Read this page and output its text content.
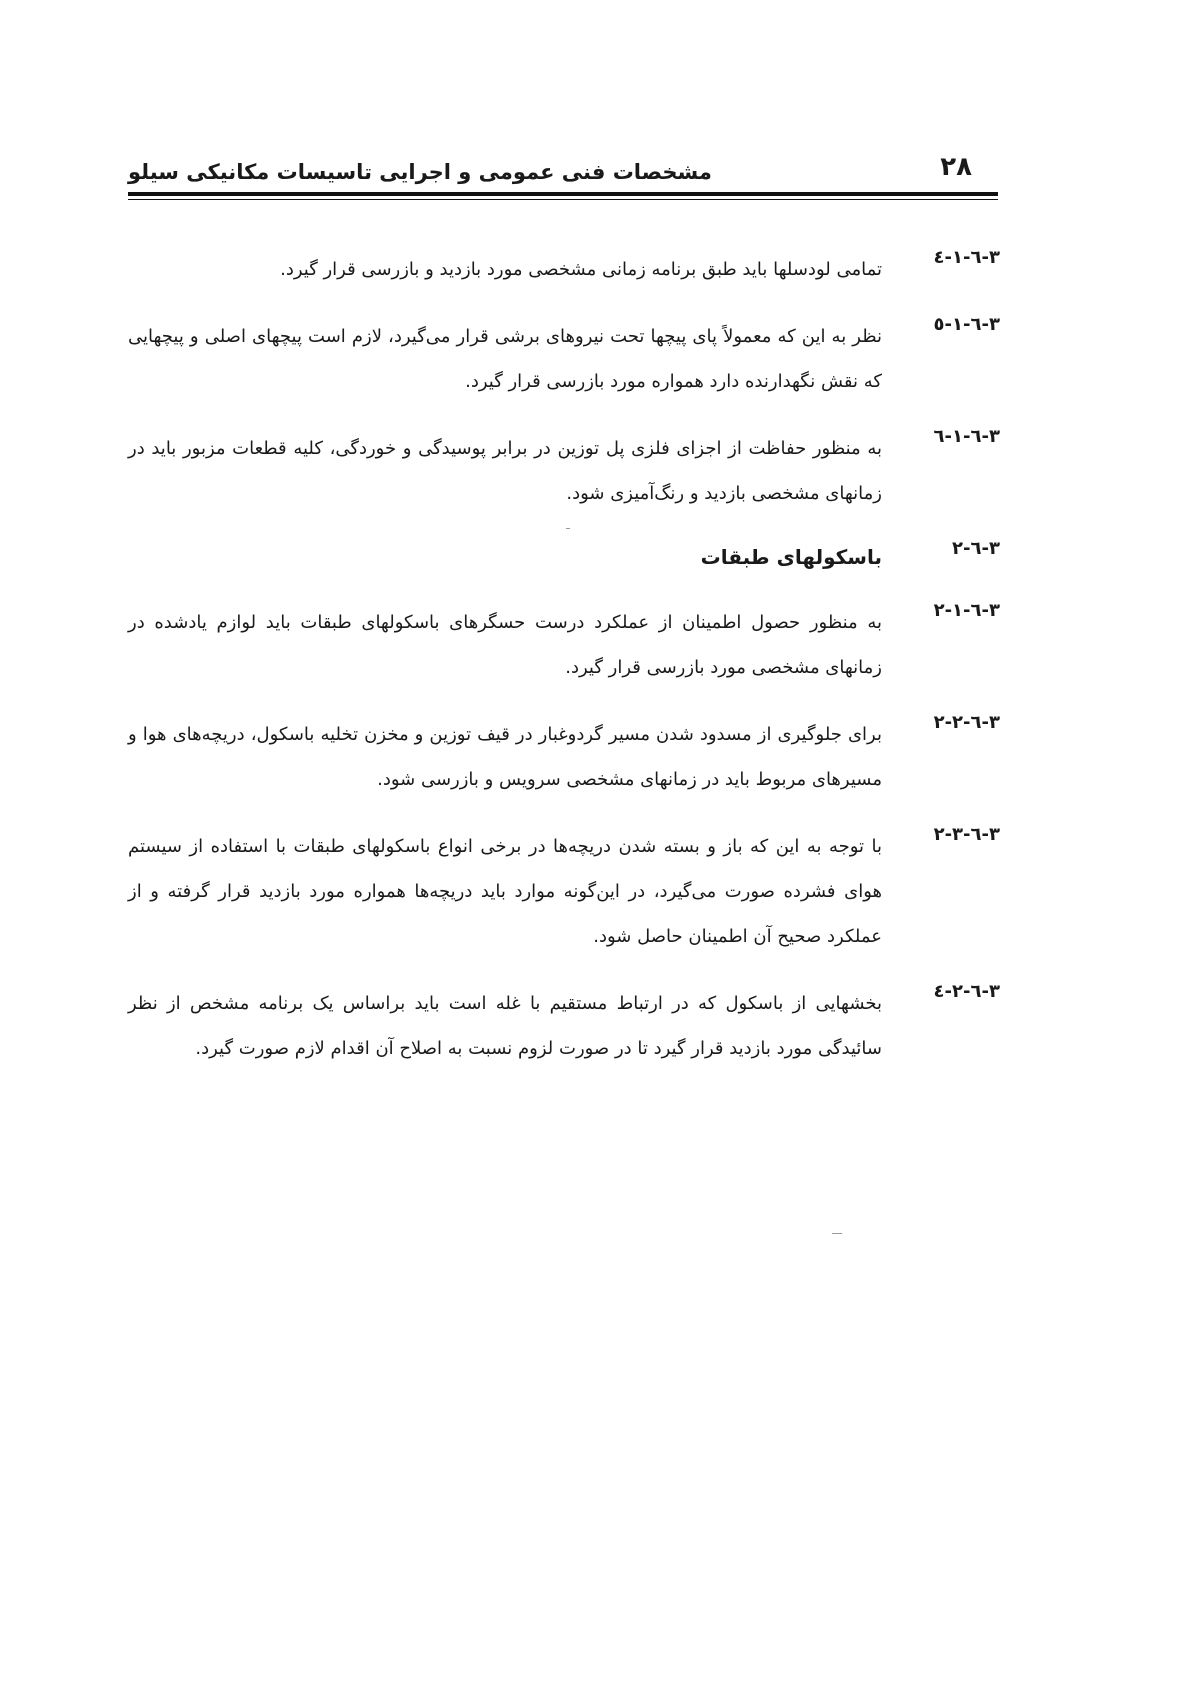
۲۸
مشخصات فنی عمومی و اجرایی تاسیسات مکانیکی سیلو
۳-٦-۱-٤
تمامی لودسلها باید طبق برنامه زمانی مشخصی مورد بازدید و بازرسی قرار گیرد.
۳-٦-۱-٥
نظر به این که معمولاً پای پیچها تحت نیروهای برشی قرار می‌گیرد، لازم است پیچهای اصلی و پیچهایی که نقش نگهدارنده دارد همواره مورد بازرسی قرار گیرد.
۳-٦-۱-٦
به منظور حفاظت از اجزای فلزی پل توزین در برابر پوسیدگی و خوردگی، کلیه قطعات مزبور باید در زمانهای مشخصی بازدید و رنگ‌آمیزی شود.
۳-٦-۲
باسکولهای طبقات
۳-٦-۲-۱
به منظور حصول اطمینان از عملکرد درست حسگرهای باسکولهای طبقات باید لوازم یادشده در زمانهای مشخصی مورد بازرسی قرار گیرد.
۳-٦-۲-۲
برای جلوگیری از مسدود شدن مسیر گردوغبار در قیف توزین و مخزن تخلیه باسکول، دریچه‌های هوا و مسیرهای مربوط باید در زمانهای مشخصی سرویس و بازرسی شود.
۳-٦-۲-۳
با توجه به این که باز و بسته شدن دریچه‌ها در برخی انواع باسکولهای طبقات با استفاده از سیستم هوای فشرده صورت می‌گیرد، در این‌گونه موارد باید دریچه‌ها همواره مورد بازدید قرار گرفته و از عملکرد صحیح آن اطمینان حاصل شود.
۳-٦-۲-٤
بخشهایی از باسکول که در ارتباط مستقیم با غله است باید براساس یک برنامه مشخص از نظر سائیدگی مورد بازدید قرار گیرد تا در صورت لزوم نسبت به اصلاح آن اقدام لازم صورت گیرد.
